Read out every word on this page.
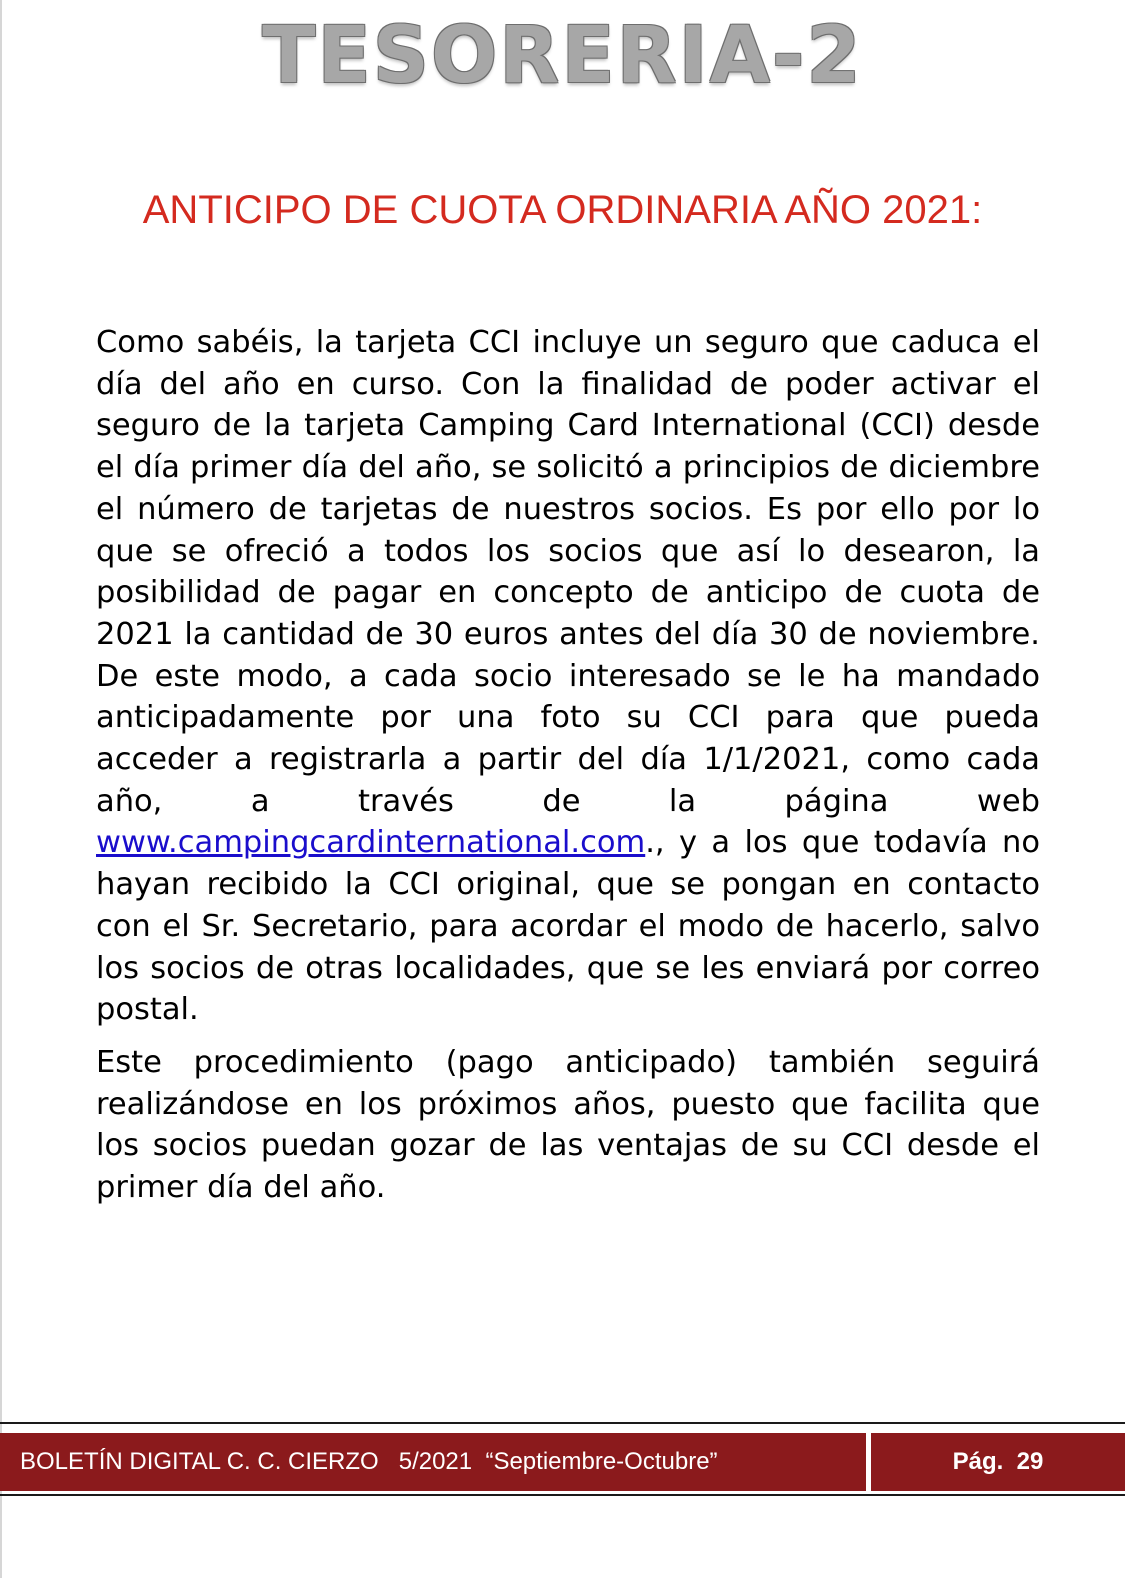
TESORERIA-2
ANTICIPO DE CUOTA ORDINARIA AÑO 2021:

Como sabéis, la tarjeta CCI incluye un seguro que caduca el día del año en curso. Con la finalidad de poder activar el seguro de la tarjeta Camping Card International (CCI) desde el día primer día del año, se solicitó a principios de diciembre el número de tarjetas de nuestros socios. Es por ello por lo que se ofreció a todos los socios que así lo desearon, la posibilidad de pagar en concepto de anticipo de cuota de 2021 la cantidad de 30 euros antes del día 30 de noviembre. De este modo, a cada socio interesado se le ha mandado anticipadamente por una foto su CCI para que pueda acceder a registrarla a partir del día 1/1/2021, como cada año, a través de la página web www.campingcardinternational.com., y a los que todavía no hayan recibido la CCI original, que se pongan en contacto con el Sr. Secretario, para acordar el modo de hacerlo, salvo los socios de otras localidades, que se les enviará por correo postal.

Este procedimiento (pago anticipado) también seguirá realizándose en los próximos años, puesto que facilita que los socios puedan gozar de las ventajas de su CCI desde el primer día del año.

BOLETÍN DIGITAL C. C. CIERZO   5/2021  “Septiembre-Octubre”	Pág.  29
